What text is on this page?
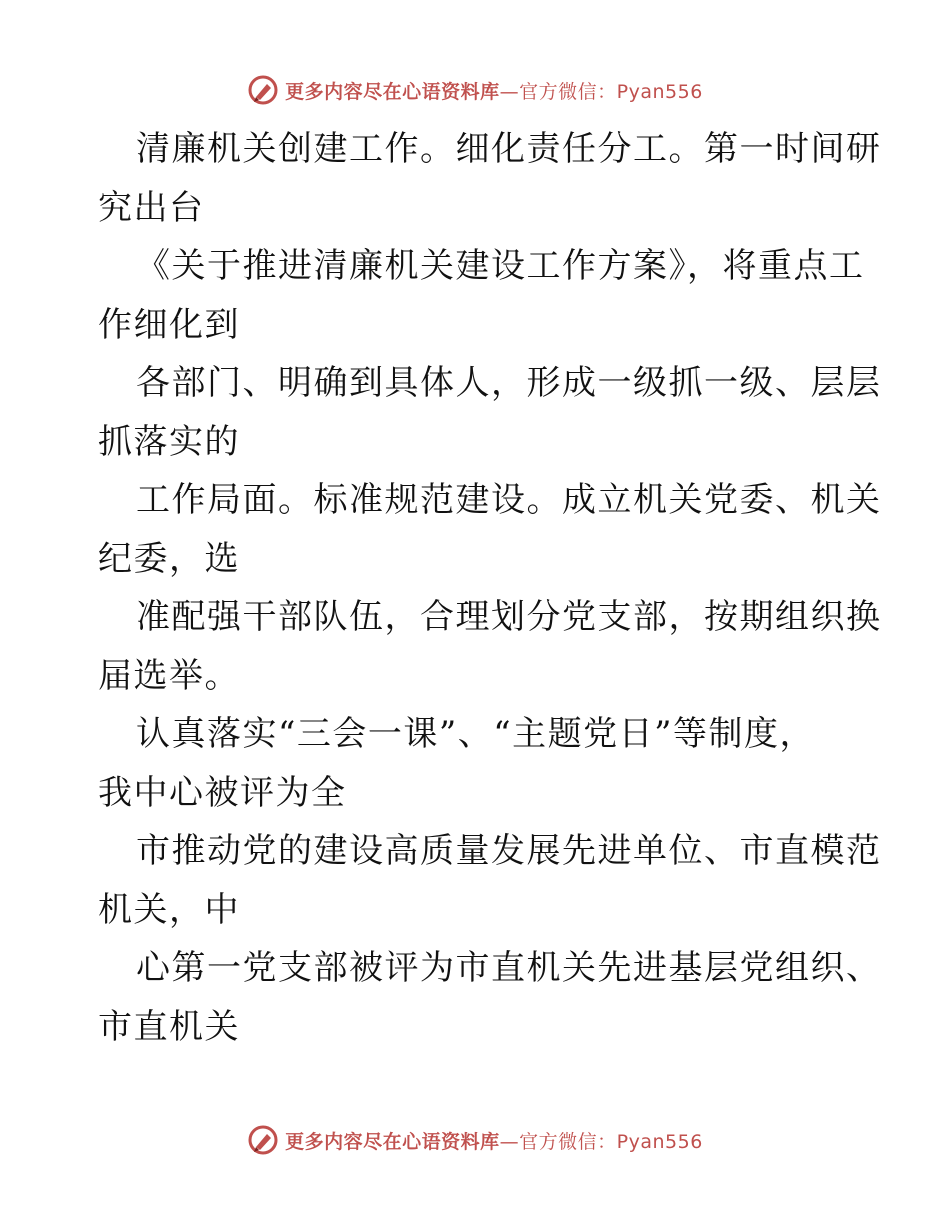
更多内容尽在心语资料库—官方微信：Pyan556

清廉机关创建工作。细化责任分工。第一时间研
究出台

《关于推进清廉机关建设工作方案》，将重点工
作细化到

各部门、明确到具体人，形成一级抓一级、层层
抓落实的

工作局面。标准规范建设。成立机关党委、机关
纪委，选

准配强干部队伍，合理划分党支部，按期组织换
届选举。

认真落实“三会一课”、“主题党日”等制度，
我中心被评为全

市推动党的建设高质量发展先进单位、市直模范
机关，中

心第一党支部被评为市直机关先进基层党组织、
市直机关

更多内容尽在心语资料库—官方微信：Pyan556
